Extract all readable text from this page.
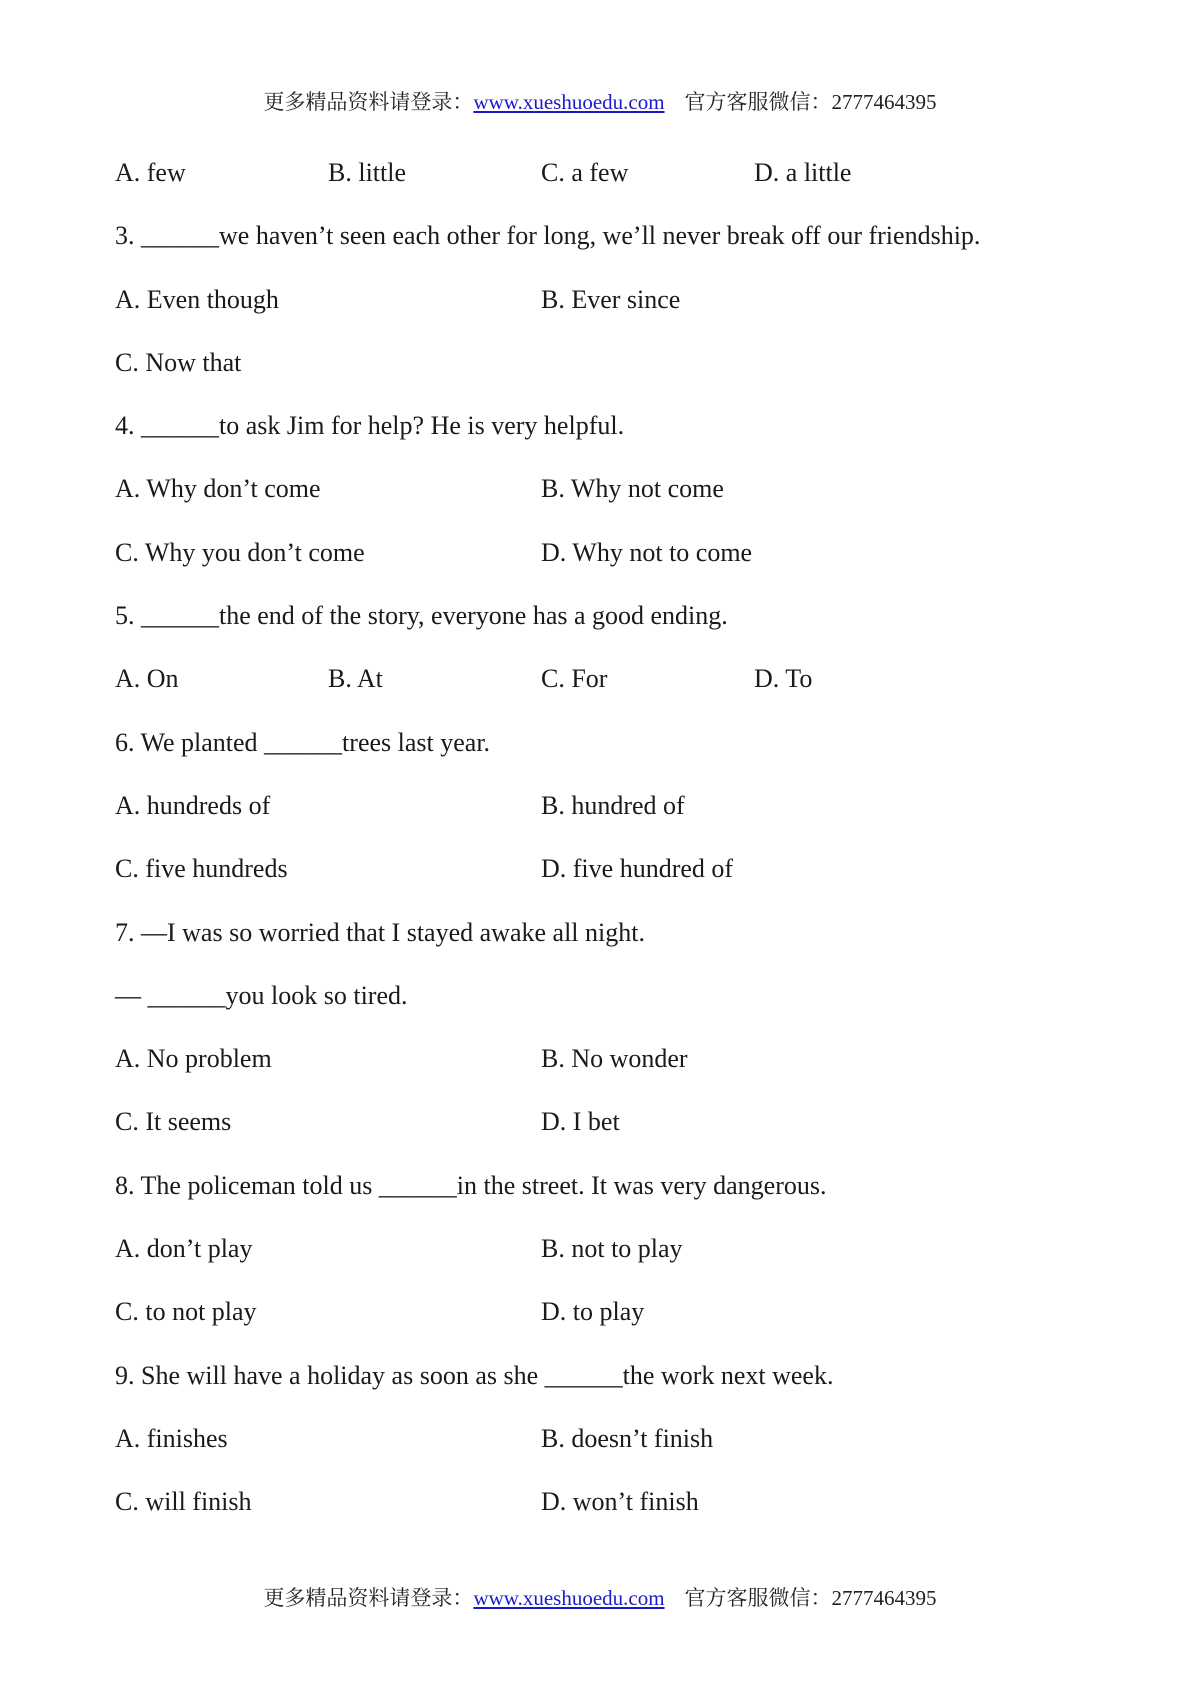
更多精品资料请登录：www.xueshuoedu.com 官方客服微信：2777464395
A. few	B. little	C. a few	D. a little
3. ______we haven’t seen each other for long, we’ll never break off our friendship.
A. Even though	B. Ever since
C. Now that
4. ______to ask Jim for help? He is very helpful.
A. Why don’t come	B. Why not come
C. Why you don’t come	D. Why not to come
5. ______the end of the story, everyone has a good ending.
A. On	B. At	C. For	D. To
6. We planted ______trees last year.
A. hundreds of	B. hundred of
C. five hundreds	D. five hundred of
7. —I was so worried that I stayed awake all night.
— ______you look so tired.
A. No problem	B. No wonder
C. It seems	D. I bet
8. The policeman told us ______in the street. It was very dangerous.
A. don’t play	B. not to play
C. to not play	D. to play
9. She will have a holiday as soon as she ______the work next week.
A. finishes	B. doesn’t finish
C. will finish	D. won’t finish
更多精品资料请登录：www.xueshuoedu.com 官方客服微信：2777464395
